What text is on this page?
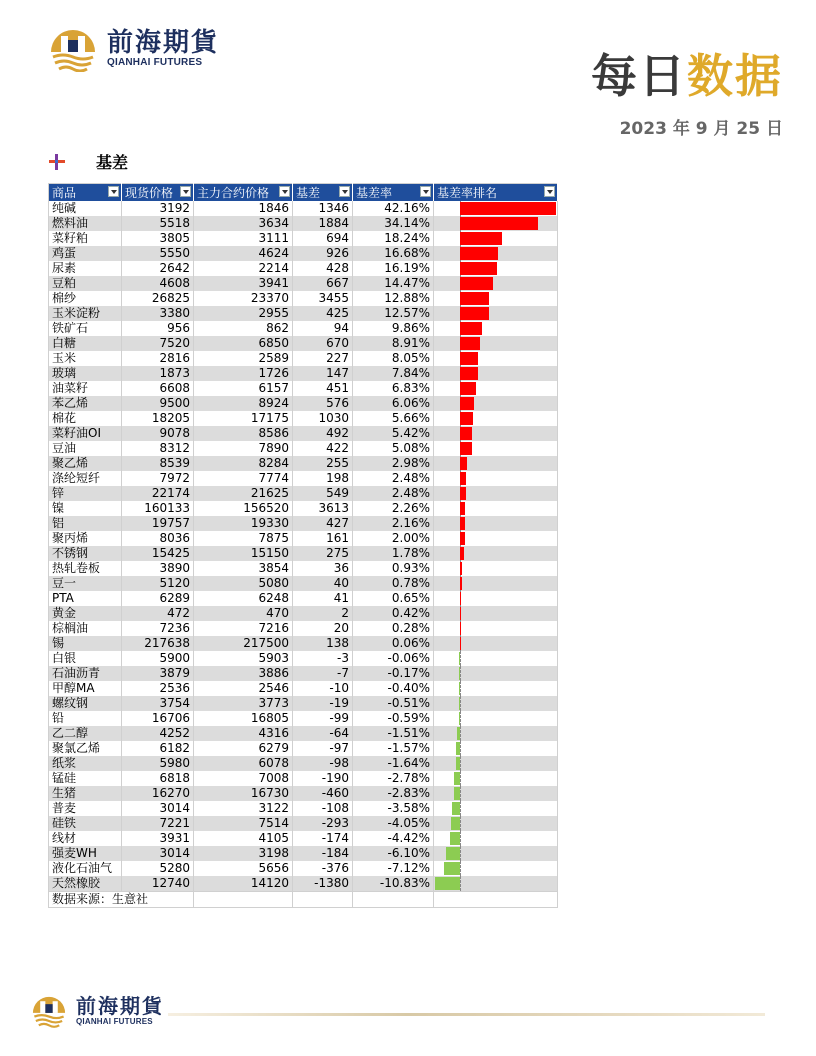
前海期貨
QIANHAI FUTURES	每日数据
2023 年 9 月 25 日
基差
商品	现货价格	主力合约价格	基差	基差率	基差率排名

纯碱	3192	1846	1346	42.16%	

燃料油	5518	3634	1884	34.14%	

菜籽粕	3805	3111	694	18.24%	

鸡蛋	5550	4624	926	16.68%	

尿素	2642	2214	428	16.19%	

豆粕	4608	3941	667	14.47%	

棉纱	26825	23370	3455	12.88%	

玉米淀粉	3380	2955	425	12.57%	

铁矿石	956	862	94	9.86%	

白糖	7520	6850	670	8.91%	

玉米	2816	2589	227	8.05%	

玻璃	1873	1726	147	7.84%	

油菜籽	6608	6157	451	6.83%	

苯乙烯	9500	8924	576	6.06%	

棉花	18205	17175	1030	5.66%	

菜籽油OI	9078	8586	492	5.42%	

豆油	8312	7890	422	5.08%	

聚乙烯	8539	8284	255	2.98%	

涤纶短纤	7972	7774	198	2.48%	

锌	22174	21625	549	2.48%	

镍	160133	156520	3613	2.26%	

铝	19757	19330	427	2.16%	

聚丙烯	8036	7875	161	2.00%	

不锈钢	15425	15150	275	1.78%	

热轧卷板	3890	3854	36	0.93%	

豆一	5120	5080	40	0.78%	

PTA	6289	6248	41	0.65%	

黄金	472	470	2	0.42%	

棕榈油	7236	7216	20	0.28%	

锡	217638	217500	138	0.06%	

白银	5900	5903	-3	-0.06%	

石油沥青	3879	3886	-7	-0.17%	

甲醇MA	2536	2546	-10	-0.40%	

螺纹钢	3754	3773	-19	-0.51%	

铅	16706	16805	-99	-0.59%	

乙二醇	4252	4316	-64	-1.51%	

聚氯乙烯	6182	6279	-97	-1.57%	

纸浆	5980	6078	-98	-1.64%	

锰硅	6818	7008	-190	-2.78%	

生猪	16270	16730	-460	-2.83%	

普麦	3014	3122	-108	-3.58%	

硅铁	7221	7514	-293	-4.05%	

线材	3931	4105	-174	-4.42%	

强麦WH	3014	3198	-184	-6.10%	

液化石油气	5280	5656	-376	-7.12%	

天然橡胶	12740	14120	-1380	-10.83%	

数据来源：生意社					
前海期貨
QIANHAI FUTURES
